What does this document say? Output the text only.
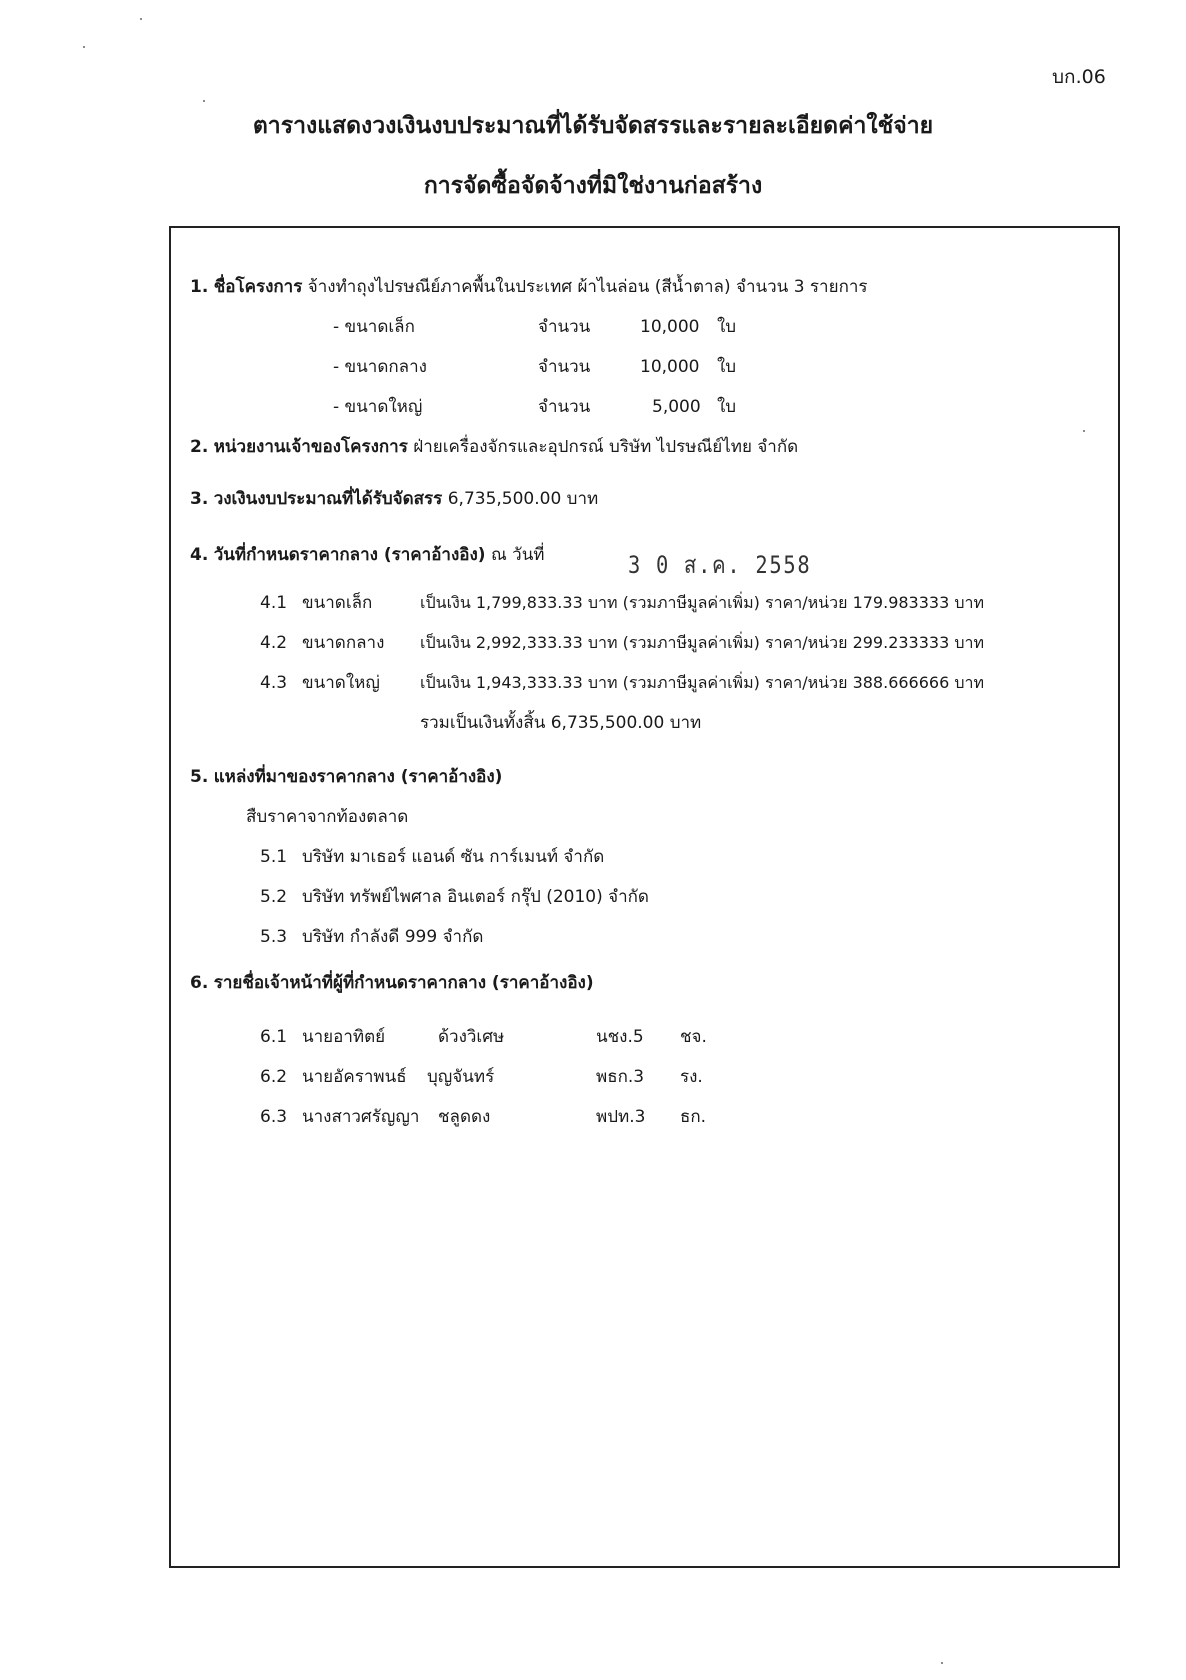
บก.06
ตารางแสดงวงเงินงบประมาณที่ได้รับจัดสรรและรายละเอียดค่าใช้จ่าย
การจัดซื้อจัดจ้างที่มิใช่งานก่อสร้าง
1. ชื่อโครงการ จ้างทำถุงไปรษณีย์ภาคพื้นในประเทศ ผ้าไนล่อน (สีน้ำตาล) จำนวน 3 รายการ
- ขนาดเล็ก	จำนวน	10,000 ใบ
- ขนาดกลาง	จำนวน	10,000 ใบ
- ขนาดใหญ่	จำนวน	5,000 ใบ
2. หน่วยงานเจ้าของโครงการ ฝ่ายเครื่องจักรและอุปกรณ์ บริษัท ไปรษณีย์ไทย จำกัด
3. วงเงินงบประมาณที่ได้รับจัดสรร 6,735,500.00 บาท
4. วันที่กำหนดราคากลาง (ราคาอ้างอิง) ณ วันที่	3 0 ส.ค. 2558
4.1 ขนาดเล็ก	เป็นเงิน 1,799,833.33 บาท (รวมภาษีมูลค่าเพิ่ม) ราคา/หน่วย 179.983333 บาท
4.2 ขนาดกลาง เป็นเงิน 2,992,333.33 บาท (รวมภาษีมูลค่าเพิ่ม) ราคา/หน่วย 299.233333 บาท
4.3 ขนาดใหญ่	เป็นเงิน 1,943,333.33 บาท (รวมภาษีมูลค่าเพิ่ม) ราคา/หน่วย 388.666666 บาท
รวมเป็นเงินทั้งสิ้น 6,735,500.00 บาท
5. แหล่งที่มาของราคากลาง (ราคาอ้างอิง)
สืบราคาจากท้องตลาด
5.1 บริษัท มาเธอร์ แอนด์ ซัน การ์เมนท์ จำกัด
5.2 บริษัท ทรัพย์ไพศาล อินเตอร์ กรุ๊ป (2010) จำกัด
5.3 บริษัท กำลังดี 999 จำกัด
6. รายชื่อเจ้าหน้าที่ผู้ที่กำหนดราคากลาง (ราคาอ้างอิง)
6.1 นายอาทิตย์	ด้วงวิเศษ	นชง.5 ชจ.
6.2 นายอัคราพนธ์ บุญจันทร์	พธก.3 รง.
6.3 นางสาวศรัญญา ชลูดดง	พปท.3 ธก.
